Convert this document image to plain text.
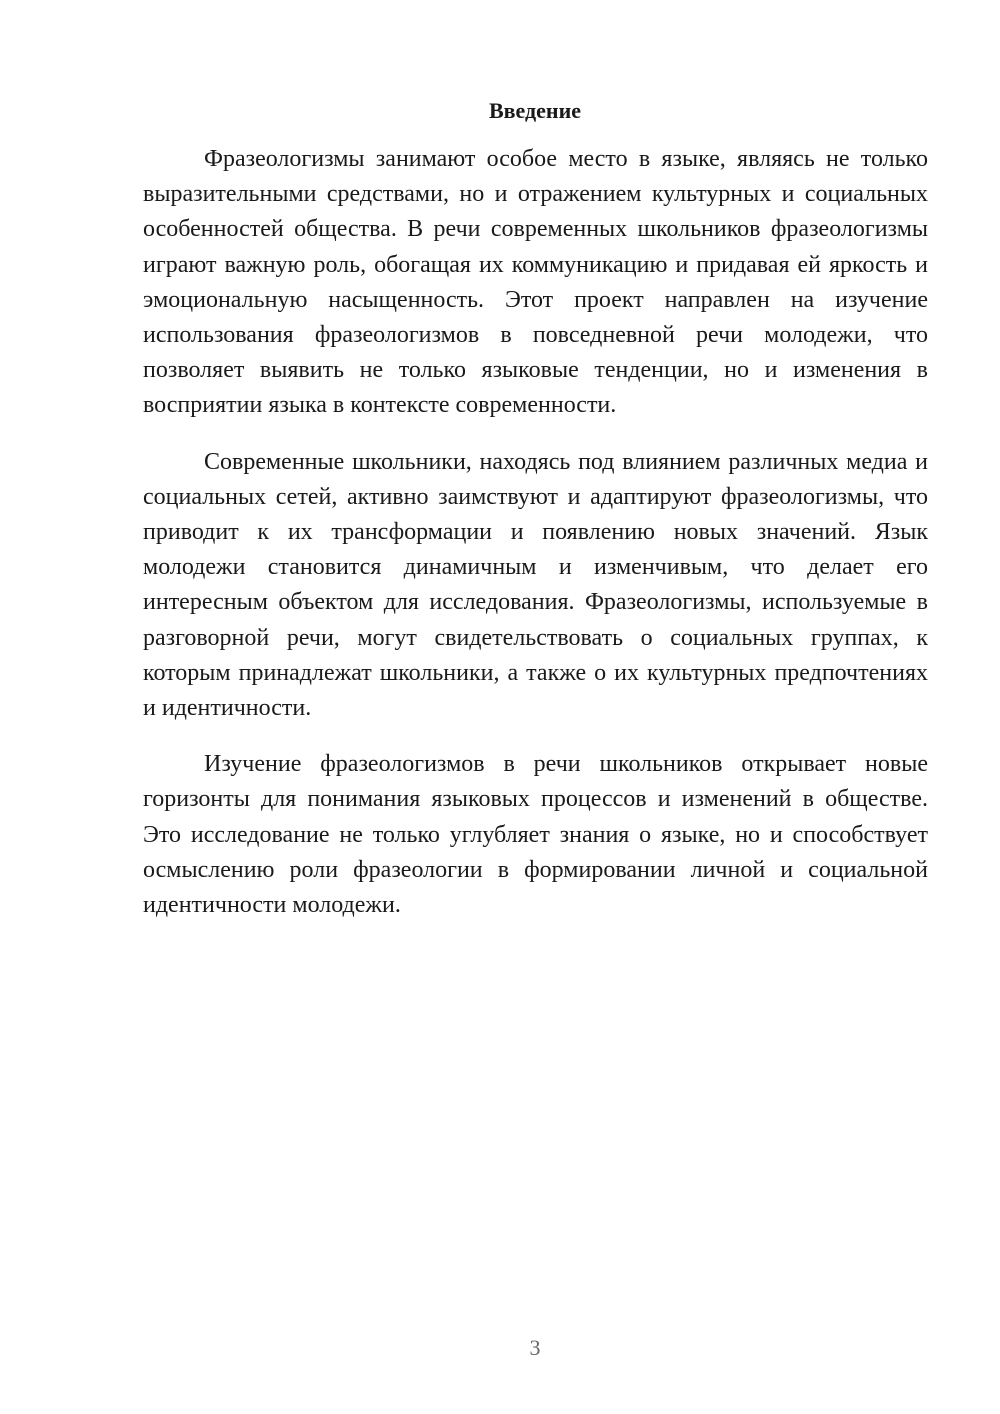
Введение

Фразеологизмы занимают особое место в языке, являясь не только выразительными средствами, но и отражением культурных и социальных особенностей общества. В речи современных школьников фразеологизмы играют важную роль, обогащая их коммуникацию и придавая ей яркость и эмоциональную насыщенность. Этот проект направлен на изучение использования фразеологизмов в повседневной речи молодежи, что позволяет выявить не только языковые тенденции, но и изменения в восприятии языка в контексте современности.

Современные школьники, находясь под влиянием различных медиа и социальных сетей, активно заимствуют и адаптируют фразеологизмы, что приводит к их трансформации и появлению новых значений. Язык молодежи становится динамичным и изменчивым, что делает его интересным объектом для исследования. Фразеологизмы, используемые в разговорной речи, могут свидетельствовать о социальных группах, к которым принадлежат школьники, а также о их культурных предпочтениях и идентичности.

Изучение фразеологизмов в речи школьников открывает новые горизонты для понимания языковых процессов и изменений в обществе. Это исследование не только углубляет знания о языке, но и способствует осмыслению роли фразеологии в формировании личной и социальной идентичности молодежи.

3
